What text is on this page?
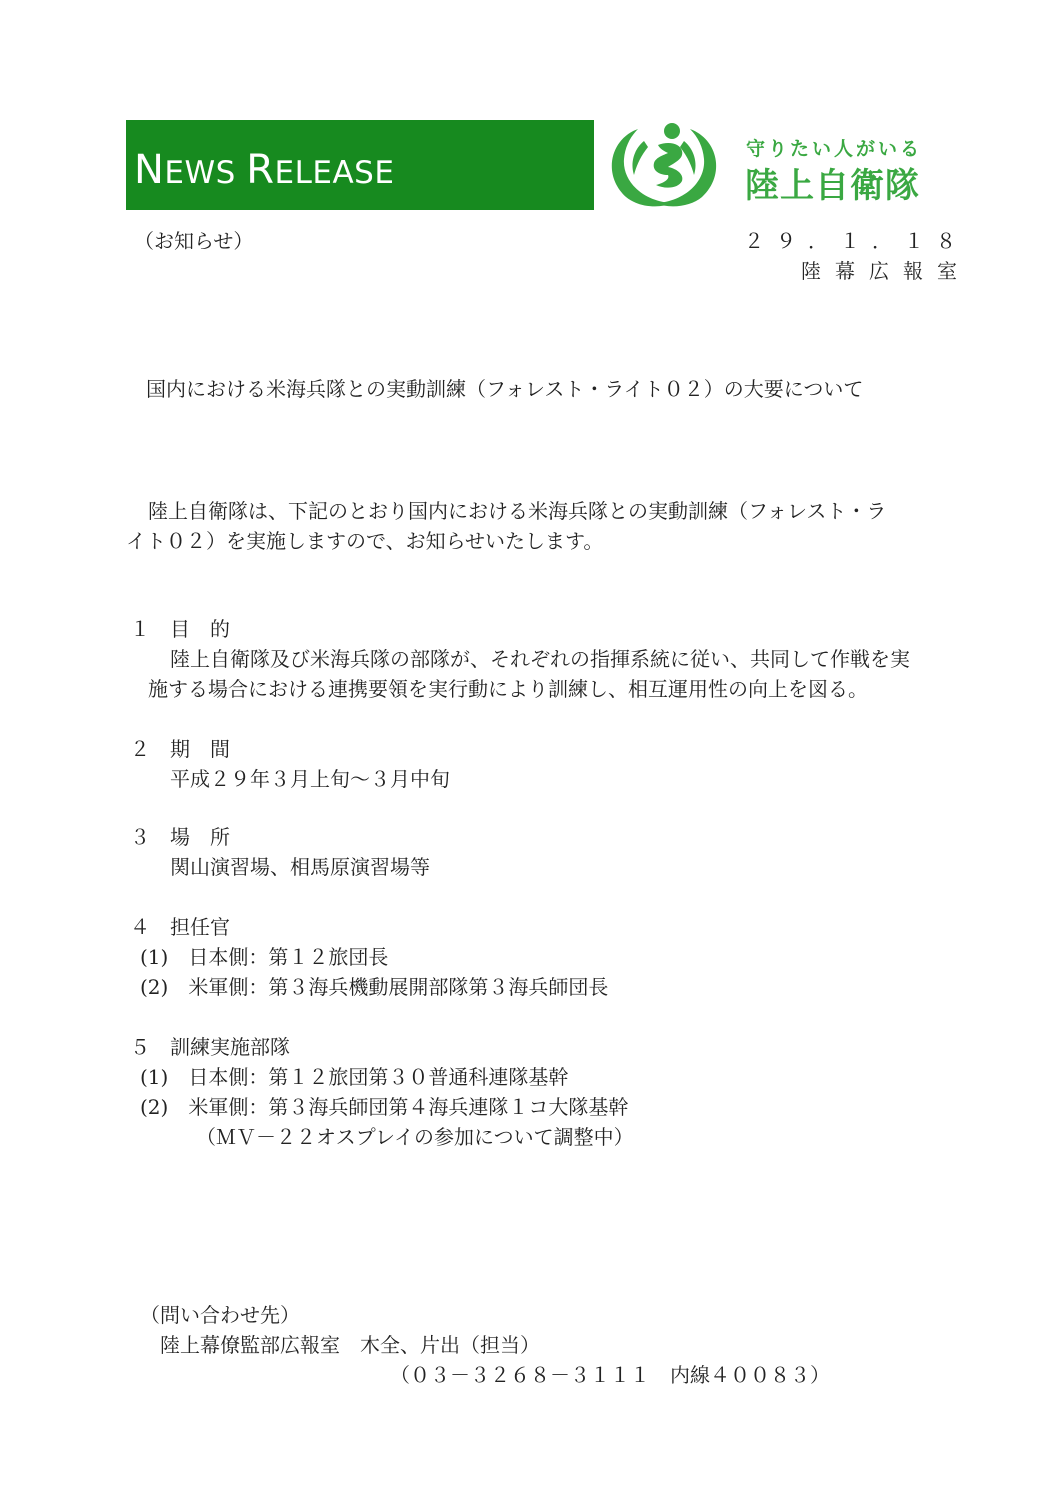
NEWS RELEASE
守りたい人がいる
陸上自衛隊
（お知らせ）	２９．１．１８
陸幕広報室
国内における米海兵隊との実動訓練（フォレスト・ライト０２）の大要について
陸上自衛隊は、下記のとおり国内における米海兵隊との実動訓練（フォレスト・ラ
イト０２）を実施しますので、お知らせいたします。
１　目　的
陸上自衛隊及び米海兵隊の部隊が、それぞれの指揮系統に従い、共同して作戦を実
施する場合における連携要領を実行動により訓練し、相互運用性の向上を図る。
２　期　間
平成２９年３月上旬～３月中旬
３　場　所
関山演習場、相馬原演習場等
４　担任官
(1)　日本側：第１２旅団長
(2)　米軍側：第３海兵機動展開部隊第３海兵師団長
５　訓練実施部隊
(1)　日本側：第１２旅団第３０普通科連隊基幹
(2)　米軍側：第３海兵師団第４海兵連隊１コ大隊基幹
（ＭＶ－２２オスプレイの参加について調整中）
（問い合わせ先）
陸上幕僚監部広報室　木全、片出（担当）
（０３－３２６８－３１１１　内線４００８３）
